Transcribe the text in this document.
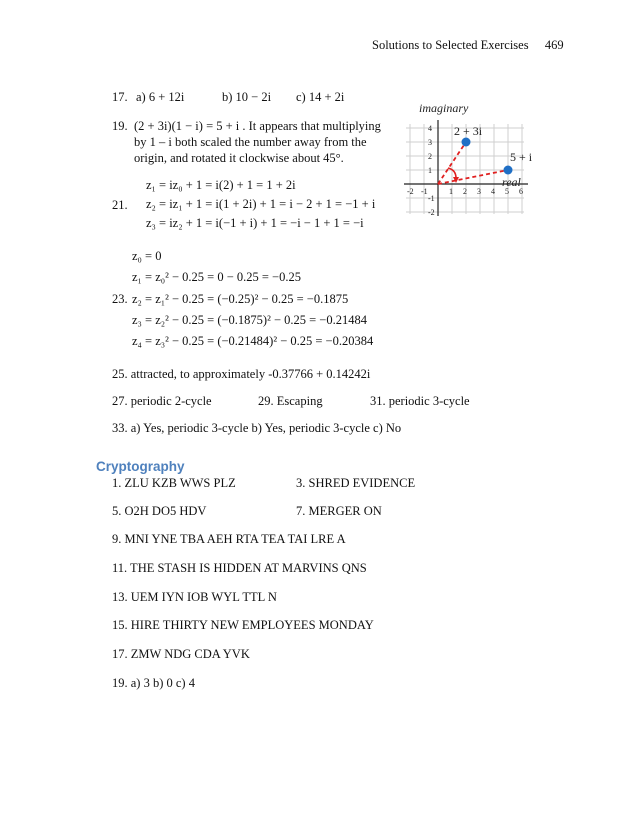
Solutions to Selected Exercises 469
17. a) 6 + 12i	b) 10 − 2i c) 14 + 2i
19. (2 + 3i)(1 − i) = 5 + i . It appears that multiplying
by 1 – i both scaled the number away from the
origin, and rotated it clockwise about 45°.
21.
z₁ = iz₀ + 1 = i(2) + 1 = 1 + 2i
z₂ = iz₁ + 1 = i(1 + 2i) + 1 = i − 2 + 1 = −1 + i
z₃ = iz₂ + 1 = i(−1 + i) + 1 = −i − 1 + 1 = −i
imaginary
-2 -1	1 2 3 4 5 6
4
3
2
1
-1
-2
2 + 3i
5 + i
real
z₀ = 0
z₁ = z₀² − 0.25 = 0 − 0.25 = −0.25
23. z₂ = z₁² − 0.25 = (−0.25)² − 0.25 = −0.1875
z₃ = z₂² − 0.25 = (−0.1875)² − 0.25 = −0.21484
z₄ = z₃² − 0.25 = (−0.21484)² − 0.25 = −0.20384
25. attracted, to approximately -0.37766 + 0.14242i
27. periodic 2-cycle	29. Escaping	31. periodic 3-cycle
33. a) Yes, periodic 3-cycle b) Yes, periodic 3-cycle c) No
Cryptography
1. ZLU KZB WWS PLZ	3. SHRED EVIDENCE
5. O2H DO5 HDV	7. MERGER ON
9. MNI YNE TBA AEH RTA TEA TAI LRE A
11. THE STASH IS HIDDEN AT MARVINS QNS
13. UEM IYN IOB WYL TTL N
15. HIRE THIRTY NEW EMPLOYEES MONDAY
17. ZMW NDG CDA YVK
19. a) 3 b) 0 c) 4
